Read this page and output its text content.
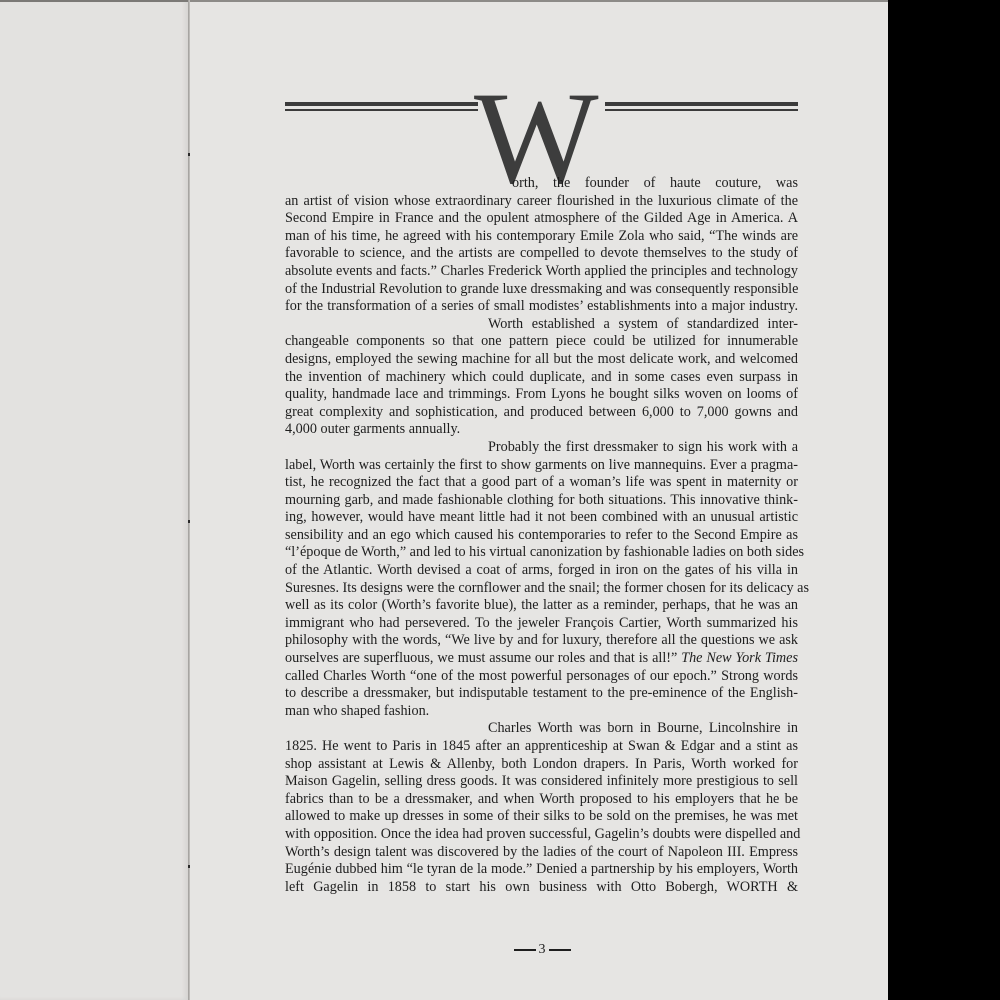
W
orth, the founder of haute couture, was
an artist of vision whose extraordinary career flourished in the luxurious climate of the
Second Empire in France and the opulent atmosphere of the Gilded Age in America. A
man of his time, he agreed with his contemporary Emile Zola who said, “The winds are
favorable to science, and the artists are compelled to devote themselves to the study of
absolute events and facts.” Charles Frederick Worth applied the principles and technology
of the Industrial Revolution to grande luxe dressmaking and was consequently responsible
for the transformation of a series of small modistes’ establishments into a major industry.
Worth established a system of standardized inter-
changeable components so that one pattern piece could be utilized for innumerable
designs, employed the sewing machine for all but the most delicate work, and welcomed
the invention of machinery which could duplicate, and in some cases even surpass in
quality, handmade lace and trimmings. From Lyons he bought silks woven on looms of
great complexity and sophistication, and produced between 6,000 to 7,000 gowns and
4,000 outer garments annually.
Probably the first dressmaker to sign his work with a
label, Worth was certainly the first to show garments on live mannequins. Ever a pragma-
tist, he recognized the fact that a good part of a woman’s life was spent in maternity or
mourning garb, and made fashionable clothing for both situations. This innovative think-
ing, however, would have meant little had it not been combined with an unusual artistic
sensibility and an ego which caused his contemporaries to refer to the Second Empire as
“l’époque de Worth,” and led to his virtual canonization by fashionable ladies on both sides
of the Atlantic. Worth devised a coat of arms, forged in iron on the gates of his villa in
Suresnes. Its designs were the cornflower and the snail; the former chosen for its delicacy as
well as its color (Worth’s favorite blue), the latter as a reminder, perhaps, that he was an
immigrant who had persevered. To the jeweler François Cartier, Worth summarized his
philosophy with the words, “We live by and for luxury, therefore all the questions we ask
ourselves are superfluous, we must assume our roles and that is all!” The New York Times
called Charles Worth “one of the most powerful personages of our epoch.” Strong words
to describe a dressmaker, but indisputable testament to the pre-eminence of the English-
man who shaped fashion.
Charles Worth was born in Bourne, Lincolnshire in
1825. He went to Paris in 1845 after an apprenticeship at Swan & Edgar and a stint as
shop assistant at Lewis & Allenby, both London drapers. In Paris, Worth worked for
Maison Gagelin, selling dress goods. It was considered infinitely more prestigious to sell
fabrics than to be a dressmaker, and when Worth proposed to his employers that he be
allowed to make up dresses in some of their silks to be sold on the premises, he was met
with opposition. Once the idea had proven successful, Gagelin’s doubts were dispelled and
Worth’s design talent was discovered by the ladies of the court of Napoleon III. Empress
Eugénie dubbed him “le tyran de la mode.” Denied a partnership by his employers, Worth
left Gagelin in 1858 to start his own business with Otto Bobergh, WORTH &
3
